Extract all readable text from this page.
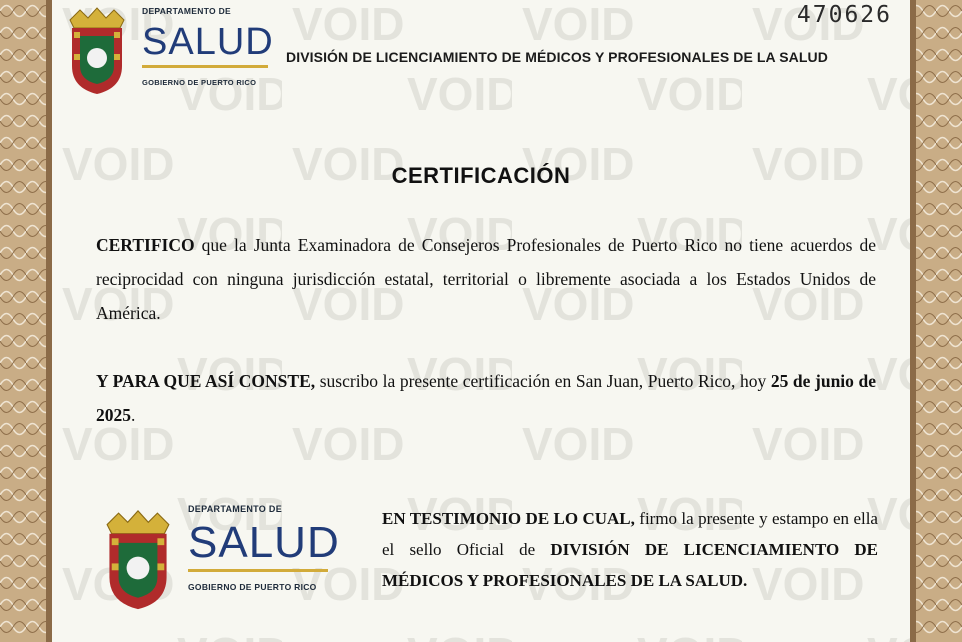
470626
DEPARTAMENTO DE
SALUD
GOBIERNO DE PUERTO RICO
DIVISIÓN DE LICENCIAMIENTO DE MÉDICOS Y PROFESIONALES DE LA SALUD
CERTIFICACIÓN

CERTIFICO que la Junta Examinadora de Consejeros Profesionales de Puerto Rico no tiene acuerdos de reciprocidad con ninguna jurisdicción estatal, territorial o libremente asociada a los Estados Unidos de América.

Y PARA QUE ASÍ CONSTE, suscribo la presente certificación en San Juan, Puerto Rico, hoy 25 de junio de 2025.

DEPARTAMENTO DE
SALUD
GOBIERNO DE PUERTO RICO

EN TESTIMONIO DE LO CUAL, firmo la presente y estampo en ella el sello Oficial de DIVISIÓN DE LICENCIAMIENTO DE MÉDICOS Y PROFESIONALES DE LA SALUD.
